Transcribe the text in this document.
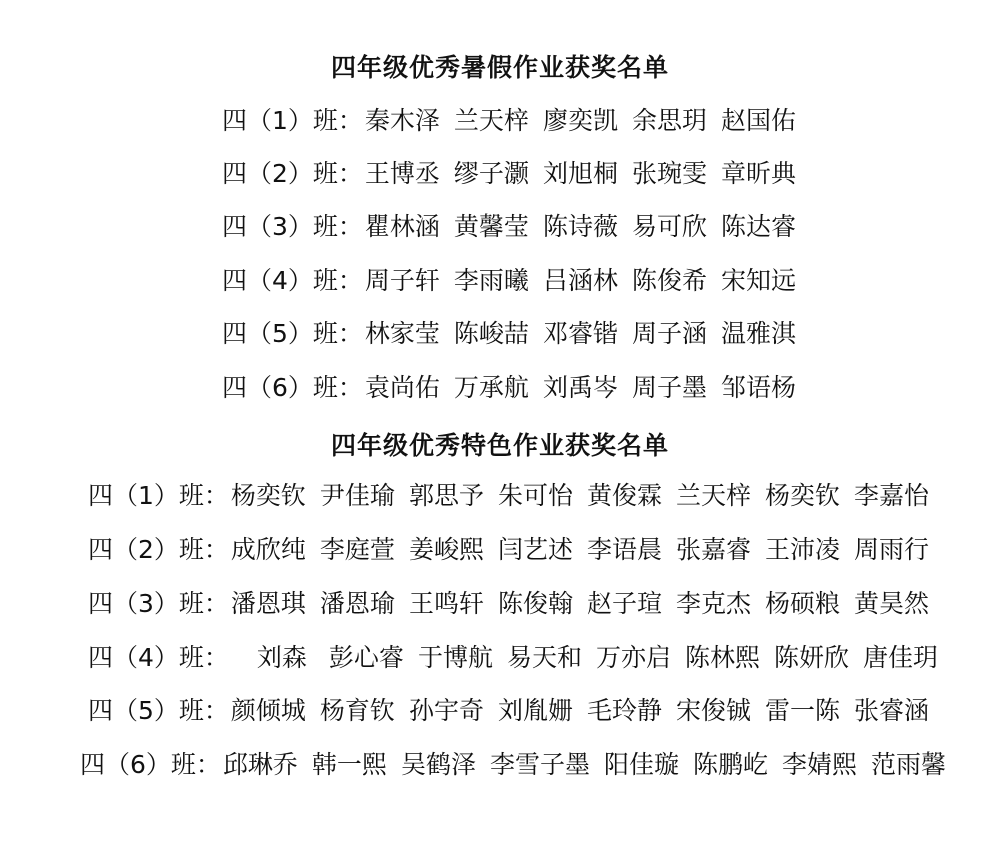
四年级优秀暑假作业获奖名单
四（1）班： 秦木泽 兰天梓 廖奕凯 余思玥 赵国佑
四（2）班： 王博丞 缪子灏 刘旭桐 张琬雯 章昕典
四（3）班： 瞿林涵 黄馨莹 陈诗薇 易可欣 陈达睿
四（4）班： 周子轩 李雨曦 吕涵林 陈俊希 宋知远
四（5）班： 林家莹 陈峻喆 邓睿锴 周子涵 温雅淇
四（6）班： 袁尚佑 万承航 刘禹岑 周子墨 邹语杨
四年级优秀特色作业获奖名单
四（1）班： 杨奕钦 尹佳瑜 郭思予 朱可怡 黄俊霖 兰天梓 杨奕钦 李嘉怡
四（2）班： 成欣纯 李庭萱 姜峻熙 闫艺述 李语晨 张嘉睿 王沛凌 周雨行
四（3）班： 潘恩琪 潘恩瑜 王鸣轩 陈俊翰 赵子瑄 李克杰 杨硕粮 黄昊然
四（4）班： 刘森 彭心睿 于博航 易天和 万亦启 陈林熙 陈妍欣 唐佳玥
四（5）班： 颜倾城 杨育钦 孙宇奇 刘胤姗 毛玲静 宋俊铖 雷一陈 张睿涵
四（6）班： 邱琳乔 韩一熙 吴鹤泽 李雪子墨 阳佳璇 陈鹏屹 李婧熙 范雨馨
